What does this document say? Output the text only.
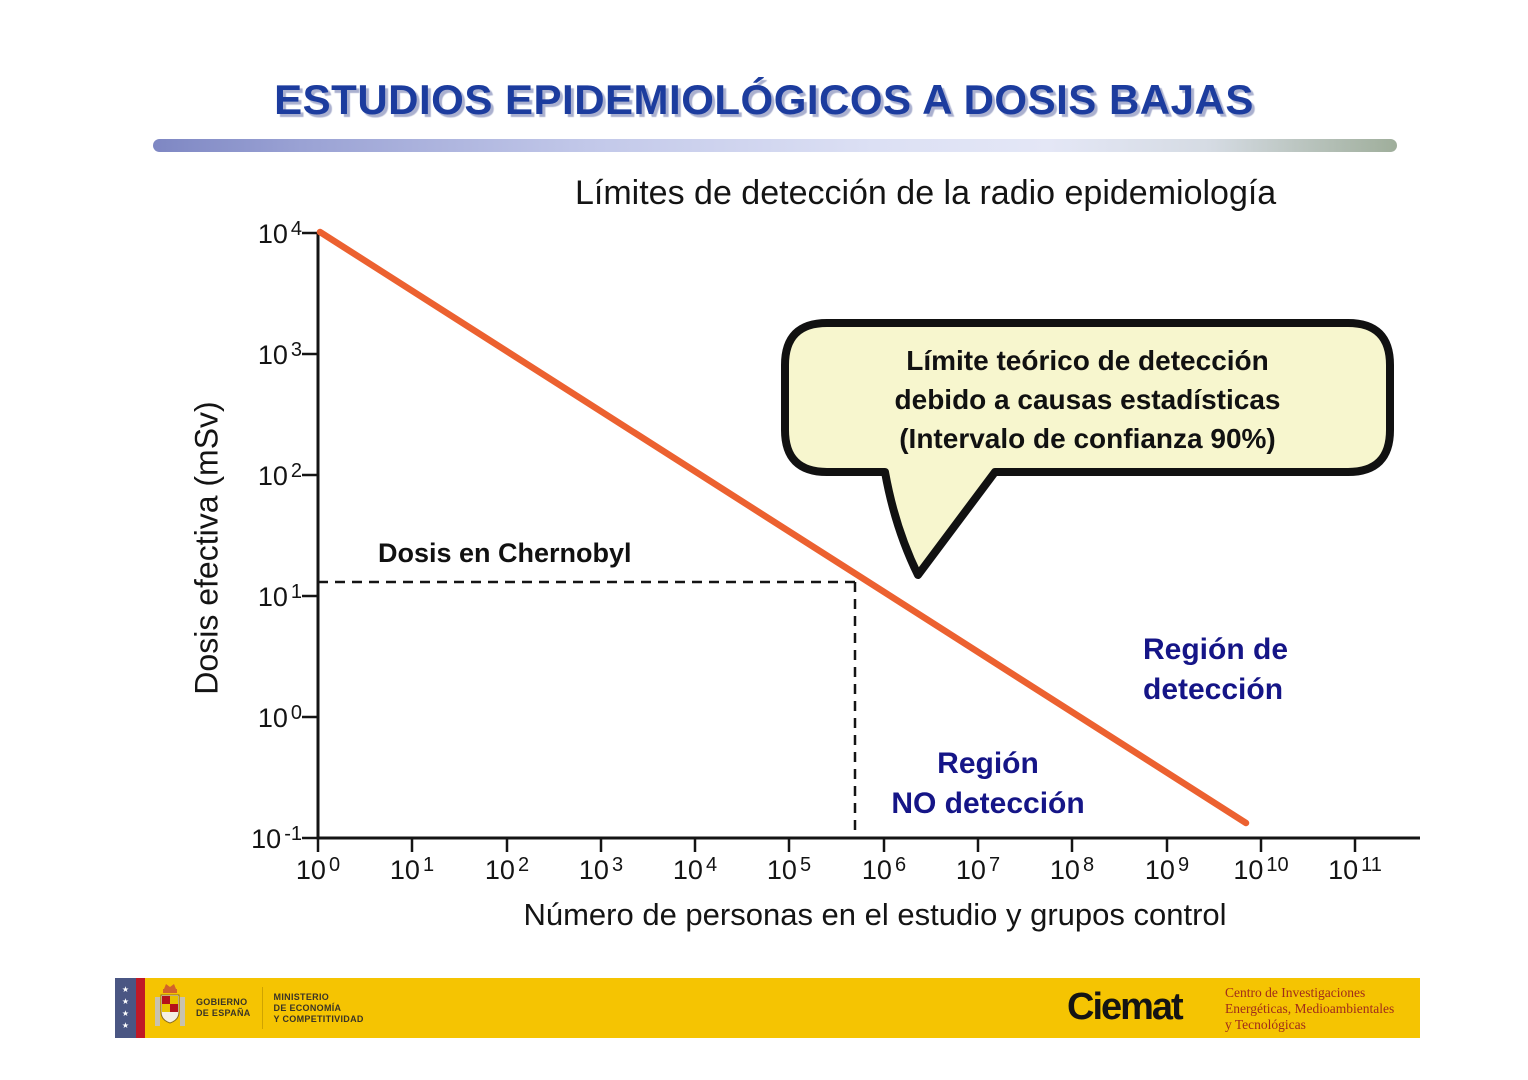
ESTUDIOS EPIDEMIOLÓGICOS A DOSIS BAJAS
Límites de detección de la radio epidemiología
Dosis efectiva (mSv)
Número de personas en el estudio y grupos control
10 $^4$
10 $^3$
10 $^2$
10 $^1$
10 $^0$
10 $^{-1}$
10 $^0$	10 $^1$	10 $^2$	10 $^3$	10 $^4$	10 $^5$	10 $^6$	10 $^7$	10 $^8$	10 $^9$	10 $^{10}$	10 $^{11}$
Dosis en Chernobyl
Límite teórico de detección
debido a causas estadísticas
(Intervalo de confianza 90%)
Región de
detección
Región
NO detección
★
★
★
★
GOBIERNO
DE ESPAÑA
MINISTERIO
DE ECONOMÍA
Y COMPETITIVIDAD	Ciemat	Centro de Investigaciones
Energéticas, Medioambientales
y Tecnológicas
